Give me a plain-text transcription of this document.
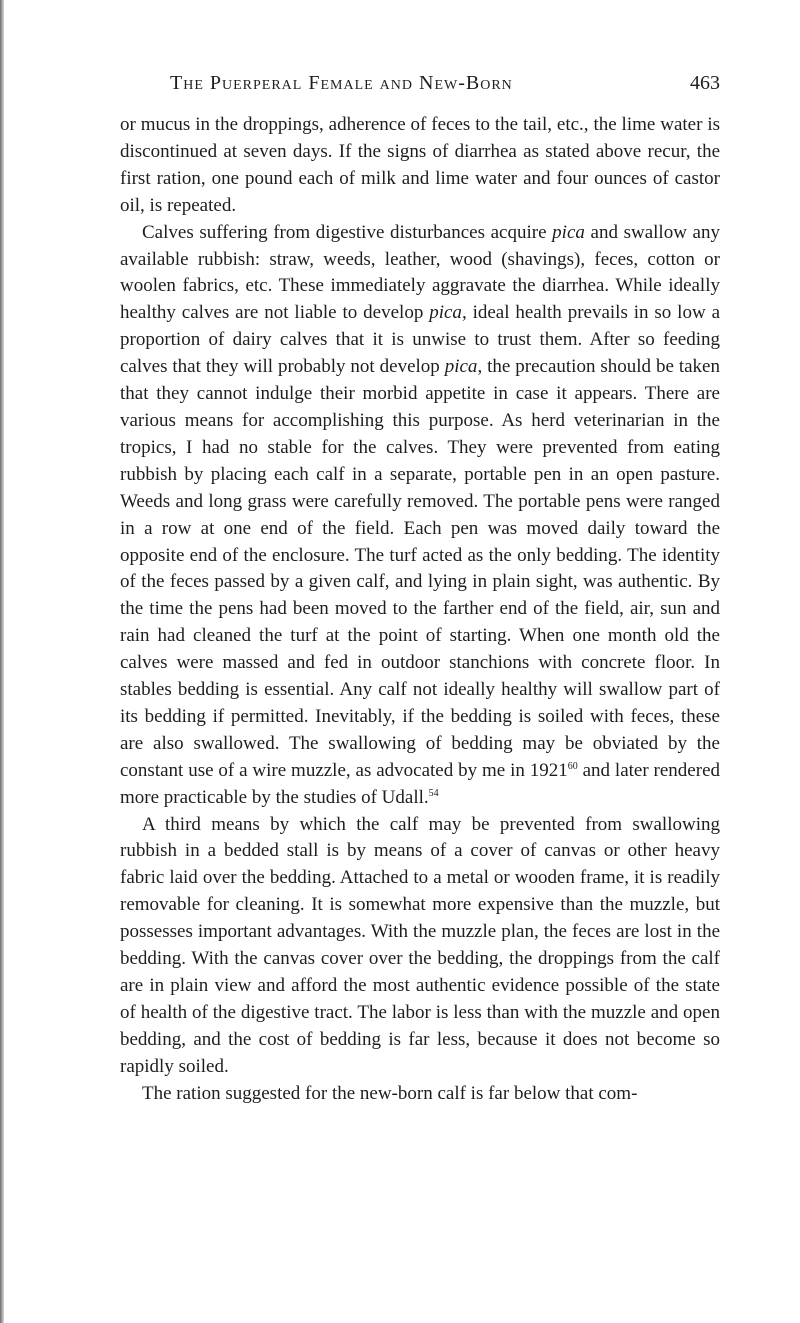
The Puerperal Female and New-Born	463

or mucus in the droppings, adherence of feces to the tail, etc., the lime water is discontinued at seven days. If the signs of diarrhea as stated above recur, the first ration, one pound each of milk and lime water and four ounces of castor oil, is repeated.

Calves suffering from digestive disturbances acquire pica and swallow any available rubbish: straw, weeds, leather, wood (shavings), feces, cotton or woolen fabrics, etc. These immediately aggravate the diarrhea. While ideally healthy calves are not liable to develop pica, ideal health prevails in so low a proportion of dairy calves that it is unwise to trust them. After so feeding calves that they will probably not develop pica, the precaution should be taken that they cannot indulge their morbid appetite in case it appears. There are various means for accomplishing this purpose. As herd veterinarian in the tropics, I had no stable for the calves. They were prevented from eating rubbish by placing each calf in a separate, portable pen in an open pasture. Weeds and long grass were carefully removed. The portable pens were ranged in a row at one end of the field. Each pen was moved daily toward the opposite end of the enclosure. The turf acted as the only bedding. The identity of the feces passed by a given calf, and lying in plain sight, was authentic. By the time the pens had been moved to the farther end of the field, air, sun and rain had cleaned the turf at the point of starting. When one month old the calves were massed and fed in outdoor stanchions with concrete floor. In stables bedding is essential. Any calf not ideally healthy will swallow part of its bedding if permitted. Inevitably, if the bedding is soiled with feces, these are also swallowed. The swallowing of bedding may be obviated by the constant use of a wire muzzle, as advocated by me in 1921$^{60}$ and later rendered more practicable by the studies of Udall.$^{54}$

A third means by which the calf may be prevented from swallowing rubbish in a bedded stall is by means of a cover of canvas or other heavy fabric laid over the bedding. Attached to a metal or wooden frame, it is readily removable for cleaning. It is somewhat more expensive than the muzzle, but possesses important advantages. With the muzzle plan, the feces are lost in the bedding. With the canvas cover over the bedding, the droppings from the calf are in plain view and afford the most authentic evidence possible of the state of health of the digestive tract. The labor is less than with the muzzle and open bedding, and the cost of bedding is far less, because it does not become so rapidly soiled.

The ration suggested for the new-born calf is far below that com-
